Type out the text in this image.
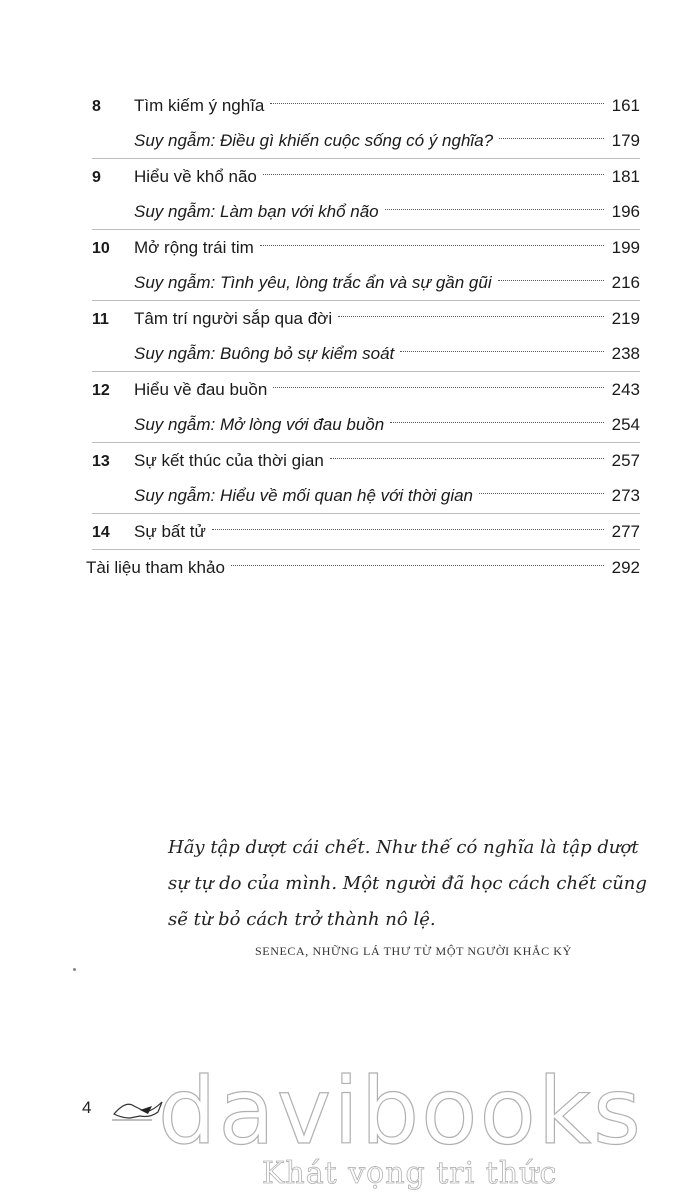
8	Tìm kiếm ý nghĩa	161
Suy ngẫm: Điều gì khiến cuộc sống có ý nghĩa?	179
9	Hiểu về khổ não	181
Suy ngẫm: Làm bạn với khổ não	196
10	Mở rộng trái tim	199
Suy ngẫm: Tình yêu, lòng trắc ẩn và sự gần gũi	216
11	Tâm trí người sắp qua đời	219
Suy ngẫm: Buông bỏ sự kiểm soát	238
12	Hiểu về đau buồn	243
Suy ngẫm: Mở lòng với đau buồn	254
13	Sự kết thúc của thời gian	257
Suy ngẫm: Hiểu về mối quan hệ với thời gian	273
14	Sự bất tử	277
Tài liệu tham khảo	292
Hãy tập dượt cái chết. Như thế có nghĩa là tập dượt sự tự do của mình. Một người đã học cách chết cũng sẽ từ bỏ cách trở thành nô lệ.
SENECA, NHỮNG LÁ THƯ TỪ MỘT NGƯỜI KHẮC KỶ
4 davibooks
Khát vọng tri thức
